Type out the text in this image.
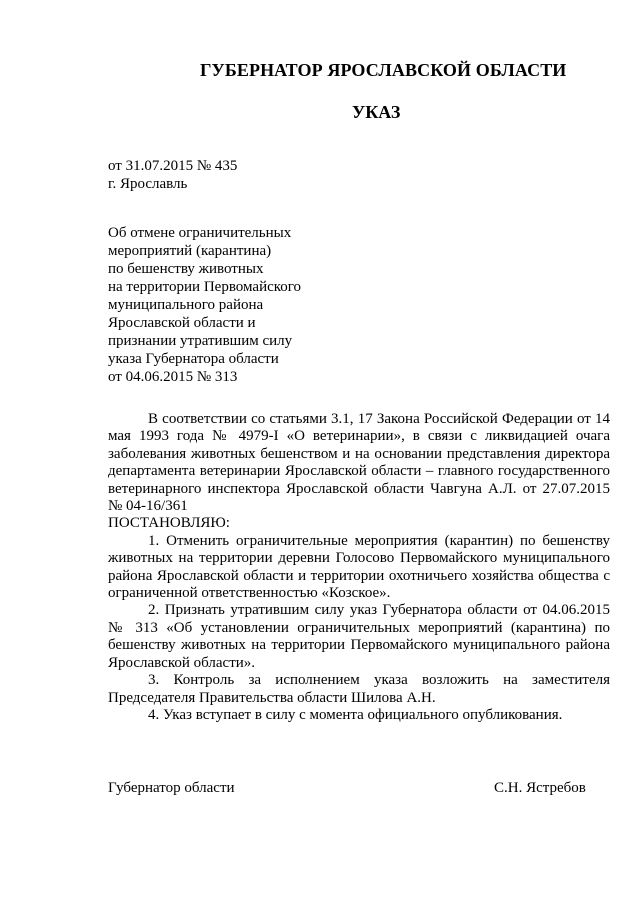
ГУБЕРНАТОР ЯРОСЛАВСКОЙ ОБЛАСТИ
УКАЗ
от 31.07.2015 № 435
г. Ярославль
Об отмене ограничительных
мероприятий (карантина)
по бешенству животных
на территории Первомайского
муниципального района
Ярославской области и
признании утратившим силу
указа Губернатора области
от 04.06.2015 № 313

В соответствии со статьями 3.1, 17 Закона Российской Федерации от 14 мая 1993 года № 4979-I «О ветеринарии», в связи с ликвидацией очага заболевания животных бешенством и на основании представления директора департамента ветеринарии Ярославской области – главного государственного ветеринарного инспектора Ярославской области Чавгуна А.Л. от 27.07.2015 № 04-16/361

ПОСТАНОВЛЯЮ:

1. Отменить ограничительные мероприятия (карантин) по бешенству животных на территории деревни Голосово Первомайского муниципального района Ярославской области и территории охотничьего хозяйства общества с ограниченной ответственностью «Козское».

2. Признать утратившим силу указ Губернатора области от 04.06.2015 № 313 «Об установлении ограничительных мероприятий (карантина) по бешенству животных на территории Первомайского муниципального района Ярославской области».

3. Контроль за исполнением указа возложить на заместителя Председателя Правительства области Шилова А.Н.

4. Указ вступает в силу с момента официального опубликования.

Губернатор области	С.Н. Ястребов
